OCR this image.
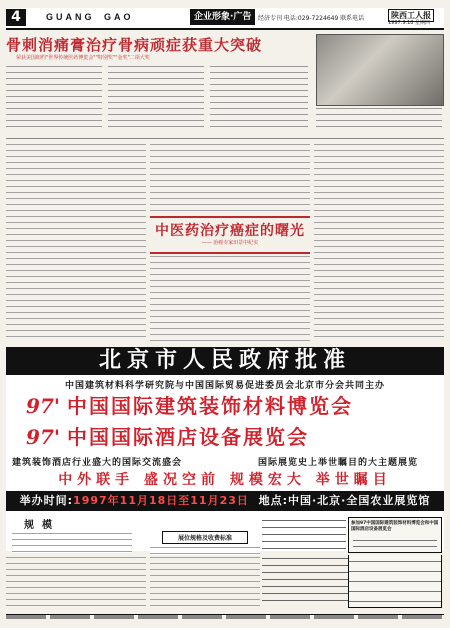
4	GUANG GAO	企业形象·广告	经济专刊 电话:029-7224649 联系电话	陕西工人报
1997.9.18 星期四
骨刺消痛膏治疗骨病顽症获重大突破
荣获美国纽约"世界传统医药博览会""特别奖""金奖"二项大奖
中医药治疗癌症的曙光
—— 治癌专家田景中纪实
北京市人民政府批准
中国建筑材料科学研究院与中国国际贸易促进委员会北京市分会共同主办
97' 中国国际建筑装饰材料博览会
97' 中国国际酒店设备展览会
建筑装饰酒店行业盛大的国际交流盛会	国际展览史上举世瞩目的大主题展览
中外联手 盛况空前 规模宏大 举世瞩目
举办时间:1997年11月18日至11月23日 地点:中国·北京·全国农业展览馆
规模
展位规格及收费标准
参加97中国国际建筑装饰材料博览会和中国国际酒店设备展览会
